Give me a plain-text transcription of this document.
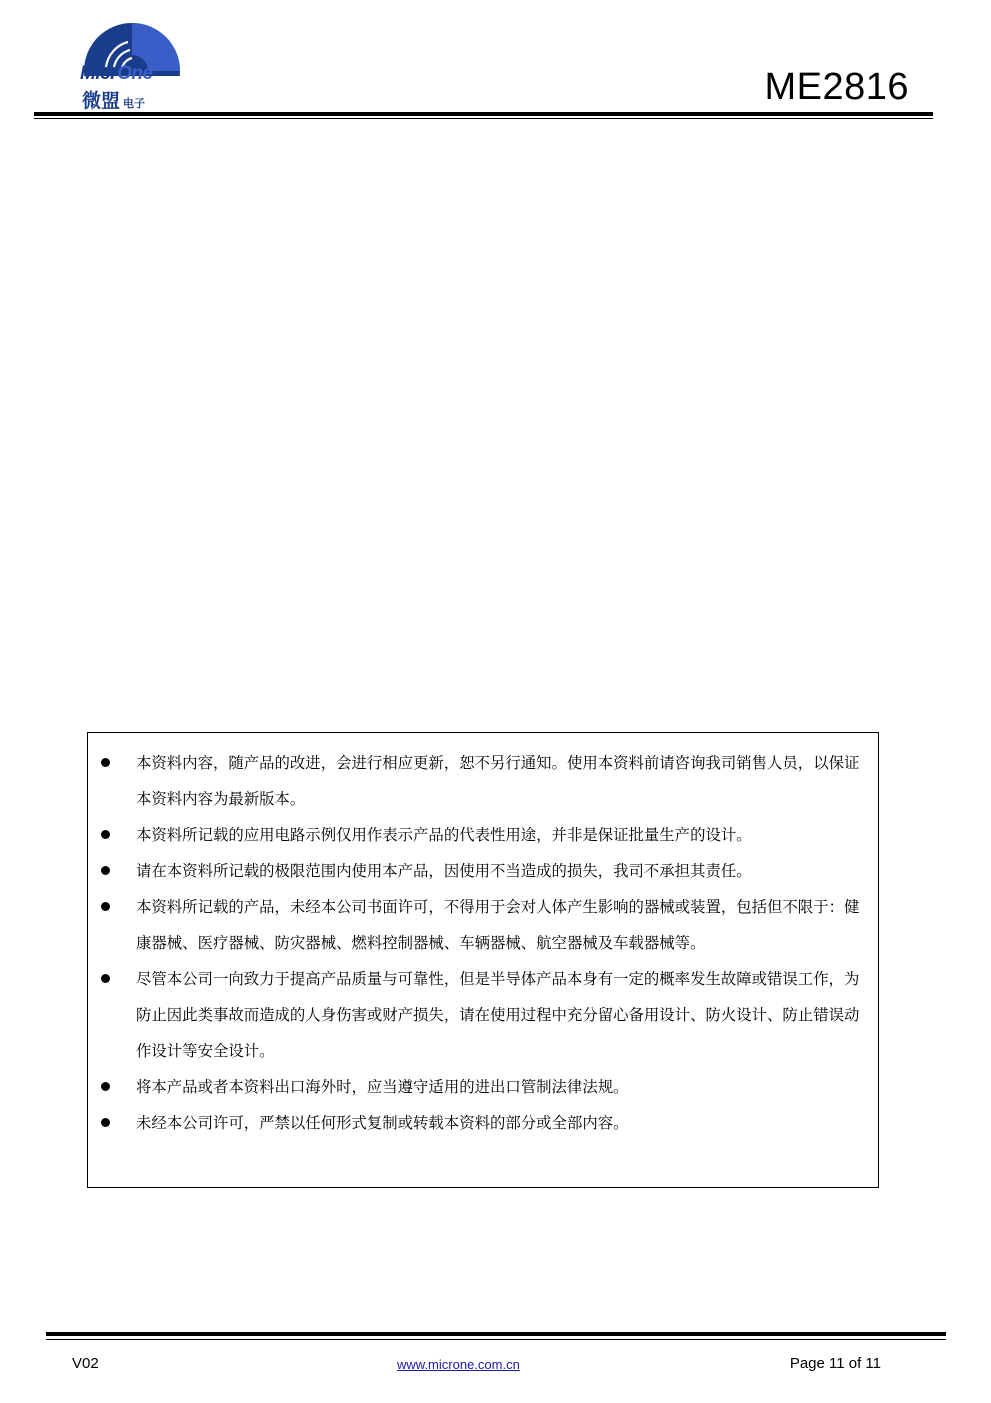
MicrOne
微盟 电子	ME2816
本资料内容，随产品的改进，会进行相应更新，恕不另行通知。使用本资料前请咨询我司销售人员，以保证本资料内容为最新版本。
本资料所记载的应用电路示例仅用作表示产品的代表性用途，并非是保证批量生产的设计。
请在本资料所记载的极限范围内使用本产品，因使用不当造成的损失，我司不承担其责任。
本资料所记载的产品，未经本公司书面许可，不得用于会对人体产生影响的器械或装置，包括但不限于：健康器械、医疗器械、防灾器械、燃料控制器械、车辆器械、航空器械及车载器械等。
尽管本公司一向致力于提高产品质量与可靠性，但是半导体产品本身有一定的概率发生故障或错误工作，为防止因此类事故而造成的人身伤害或财产损失，请在使用过程中充分留心备用设计、防火设计、防止错误动作设计等安全设计。
将本产品或者本资料出口海外时，应当遵守适用的进出口管制法律法规。
未经本公司许可，严禁以任何形式复制或转载本资料的部分或全部内容。
V02	www.microne.com.cn	Page 11 of 11
